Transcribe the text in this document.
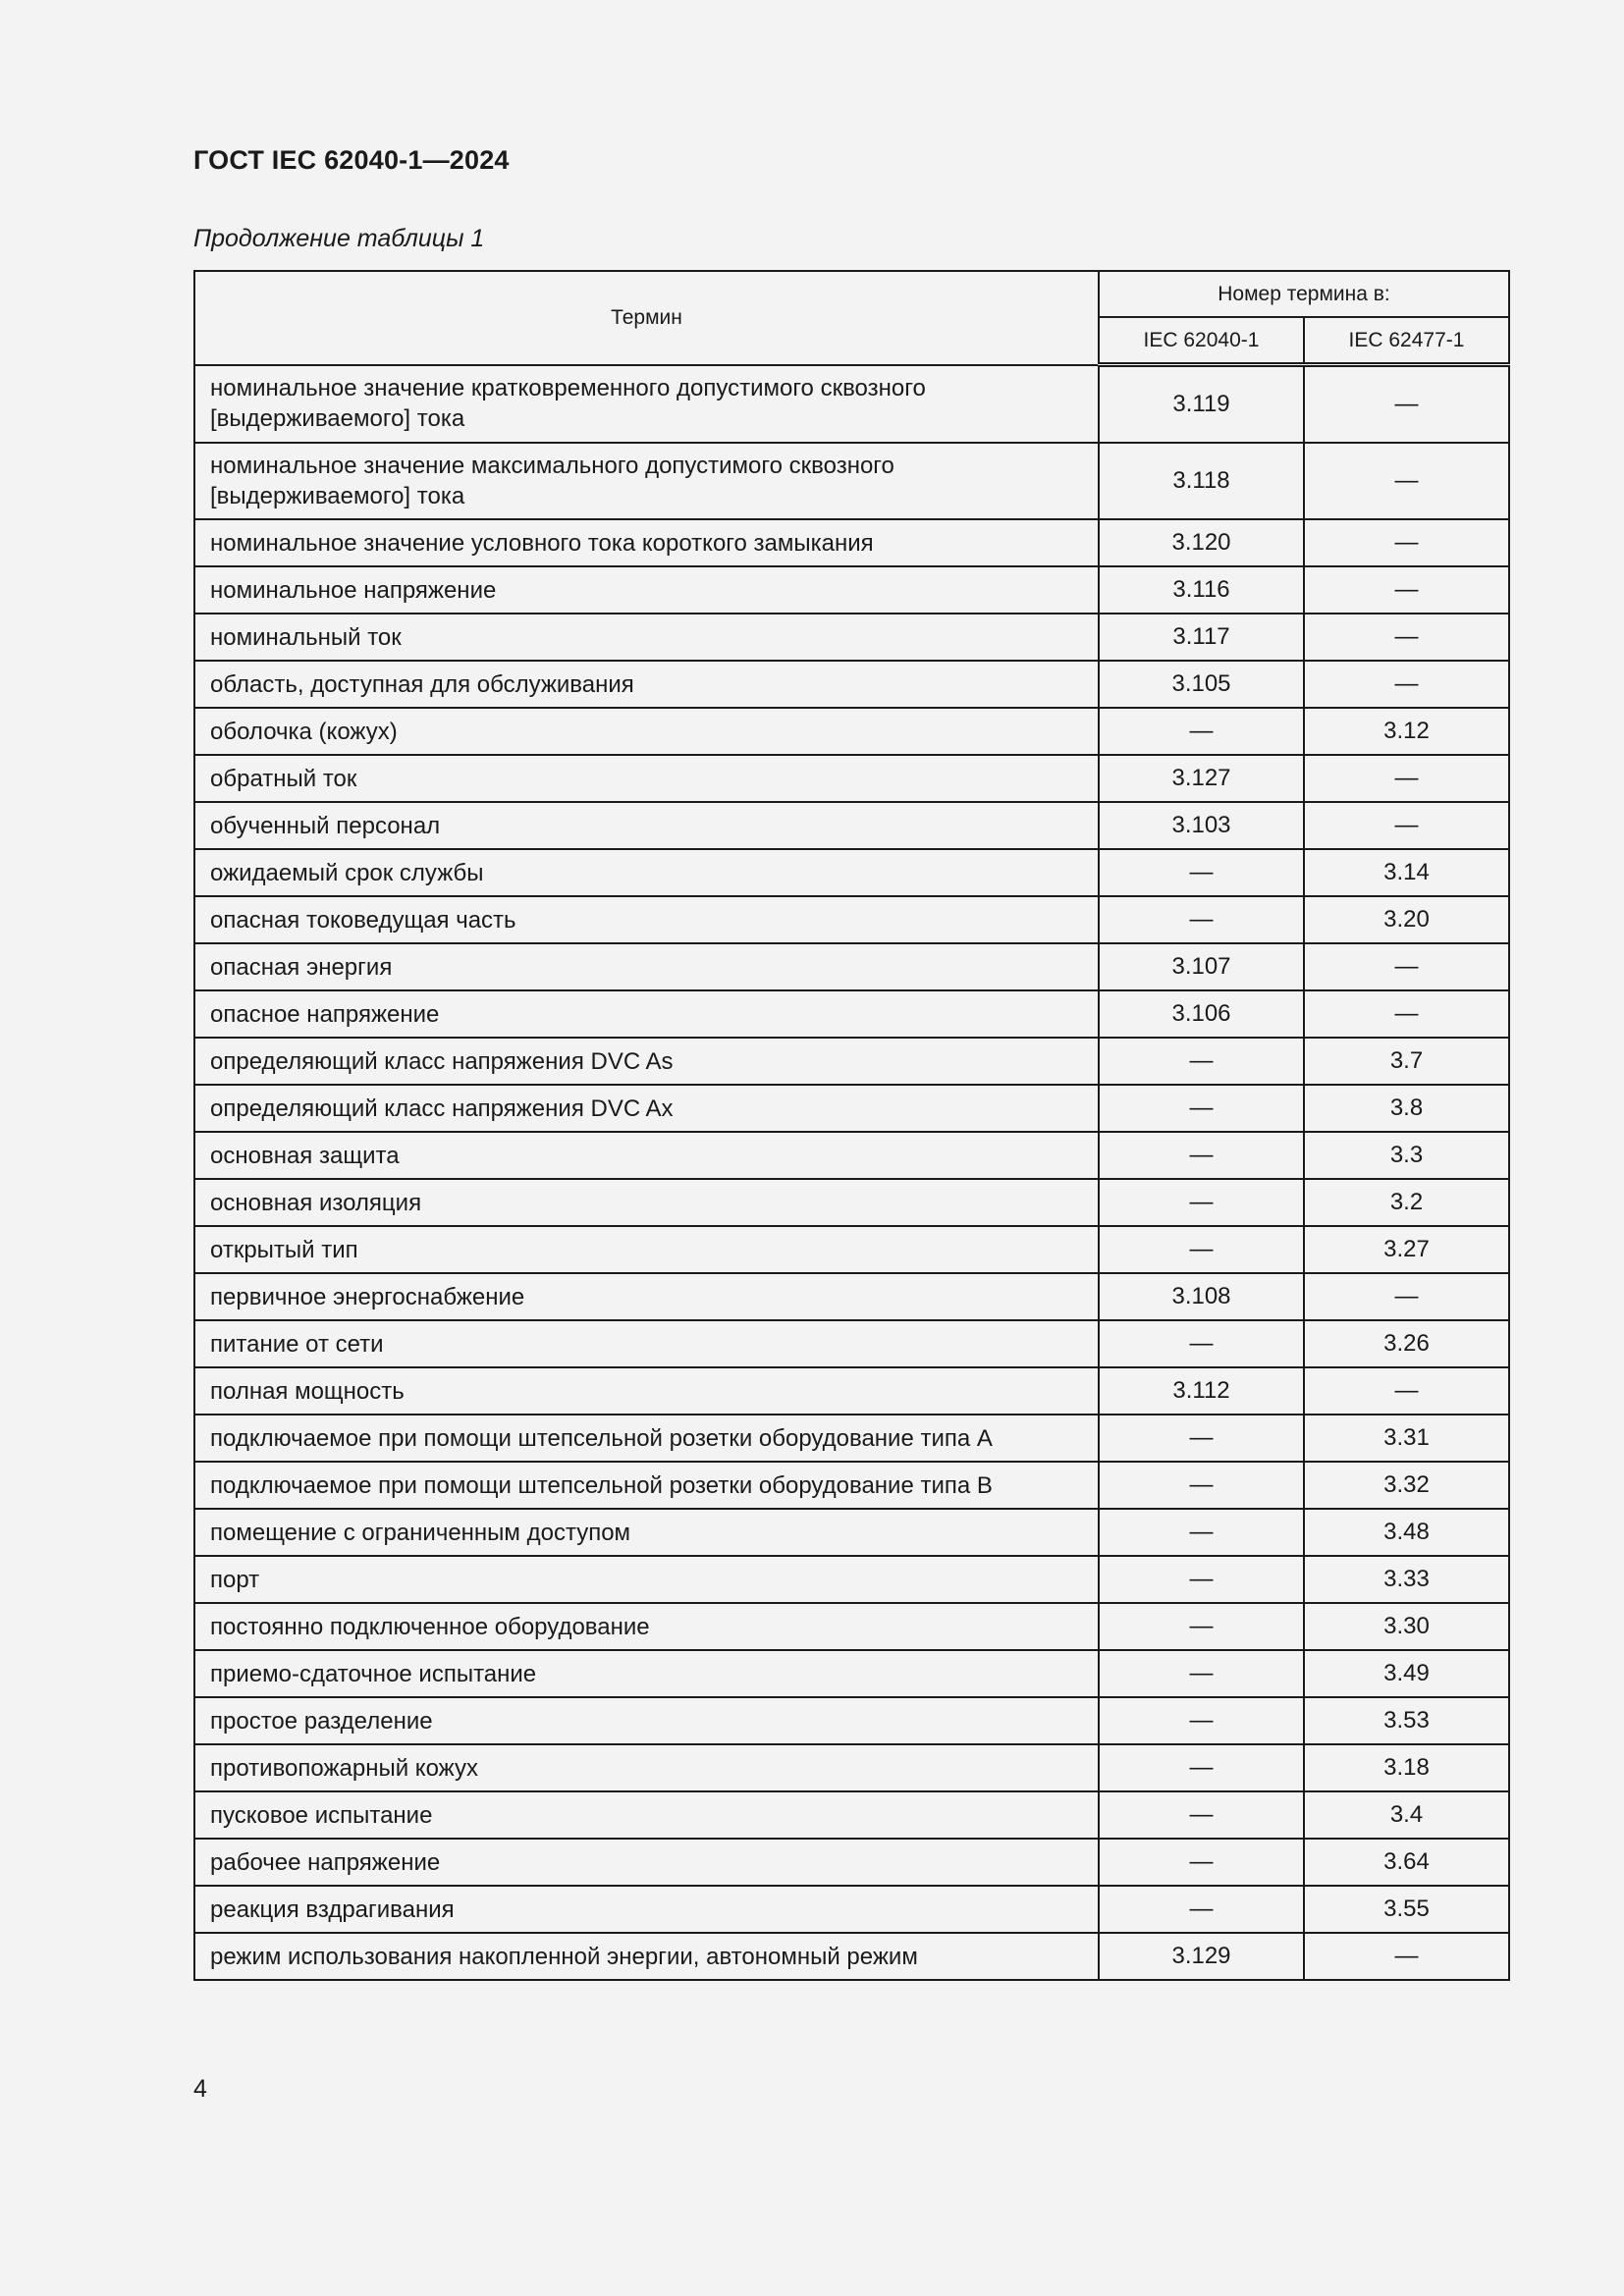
ГОСТ IEC 62040-1—2024
Продолжение таблицы 1
Термин	Номер термина в:	
	IEC 62040-1	IEC 62477-1
номинальное значение кратковременного допустимого сквозного [выдерживаемого] тока	3.119	—
номинальное значение максимального допустимого сквозного [выдерживаемого] тока	3.118	—
номинальное значение условного тока короткого замыкания	3.120	—
номинальное напряжение	3.116	—
номинальный ток	3.117	—
область, доступная для обслуживания	3.105	—
оболочка (кожух)	—	3.12
обратный ток	3.127	—
обученный персонал	3.103	—
ожидаемый срок службы	—	3.14
опасная токоведущая часть	—	3.20
опасная энергия	3.107	—
опасное напряжение	3.106	—
определяющий класс напряжения DVC As	—	3.7
определяющий класс напряжения DVC Ax	—	3.8
основная защита	—	3.3
основная изоляция	—	3.2
открытый тип	—	3.27
первичное энергоснабжение	3.108	—
питание от сети	—	3.26
полная мощность	3.112	—
подключаемое при помощи штепсельной розетки оборудование типа А	—	3.31
подключаемое при помощи штепсельной розетки оборудование типа В	—	3.32
помещение с ограниченным доступом	—	3.48
порт	—	3.33
постоянно подключенное оборудование	—	3.30
приемо-сдаточное испытание	—	3.49
простое разделение	—	3.53
противопожарный кожух	—	3.18
пусковое испытание	—	3.4
рабочее напряжение	—	3.64
реакция вздрагивания	—	3.55
режим использования накопленной энергии, автономный режим	3.129	—
4
